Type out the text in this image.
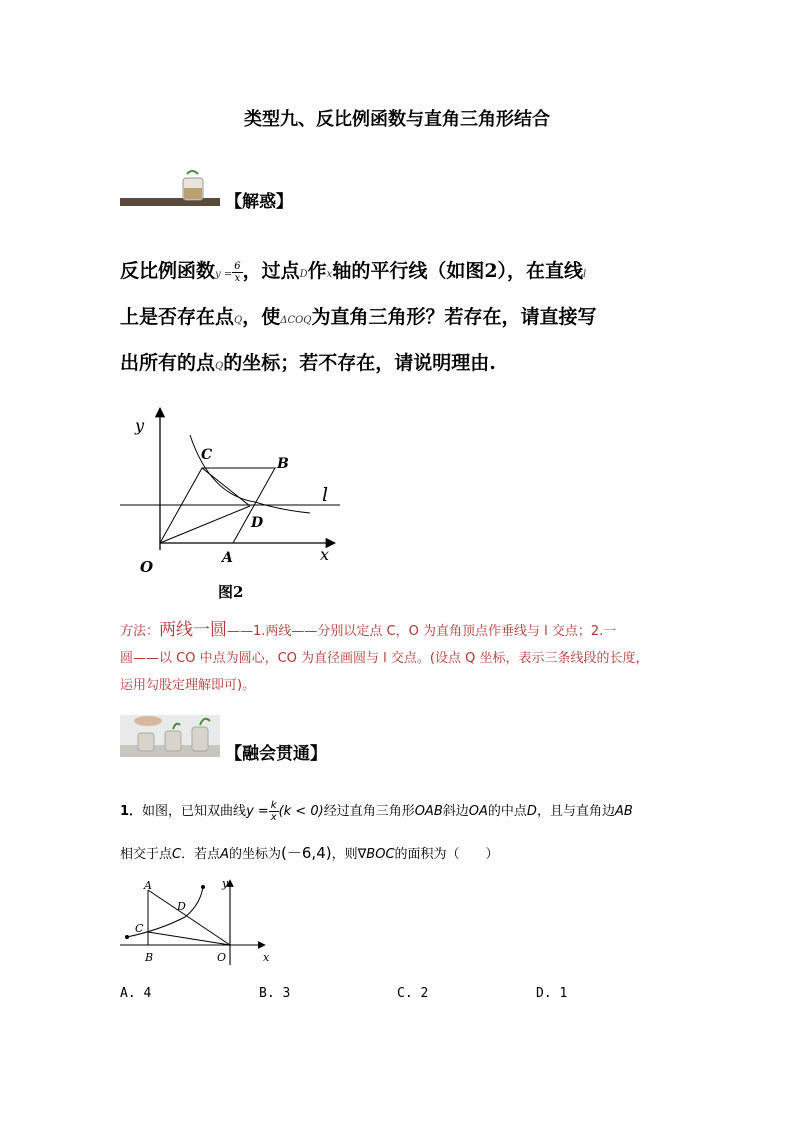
类型九、反比例函数与直角三角形结合
【解惑】
反比例函数$y = \frac{6}{x}$，过点D作x轴的平行线（如图2），在直线l
上是否存在点Q，使ΔCOQ为直角三角形？若存在，请直接写
出所有的点Q的坐标；若不存在，请说明理由.
y
x
O	A
B
C
D
l
图2
方法：两线一圆——1.两线——分别以定点 C，O 为直角顶点作垂线与 l 交点；2.一
圆——以 CO 中点为圆心，CO 为直径画圆与 l 交点。(设点 Q 坐标，表示三条线段的长度，
运用勾股定理解即可)。
【融会贯通】
1．如图，已知双曲线$y = \frac{k}{x}(k < 0)$经过直角三角形OAB斜边OA的中点D，且与直角边AB
相交于点C．若点A的坐标为(－6,4)，则∇BOC的面积为（　　）
A
B
C
D
O	x
y
A. 4	B. 3	C. 2	D. 1
